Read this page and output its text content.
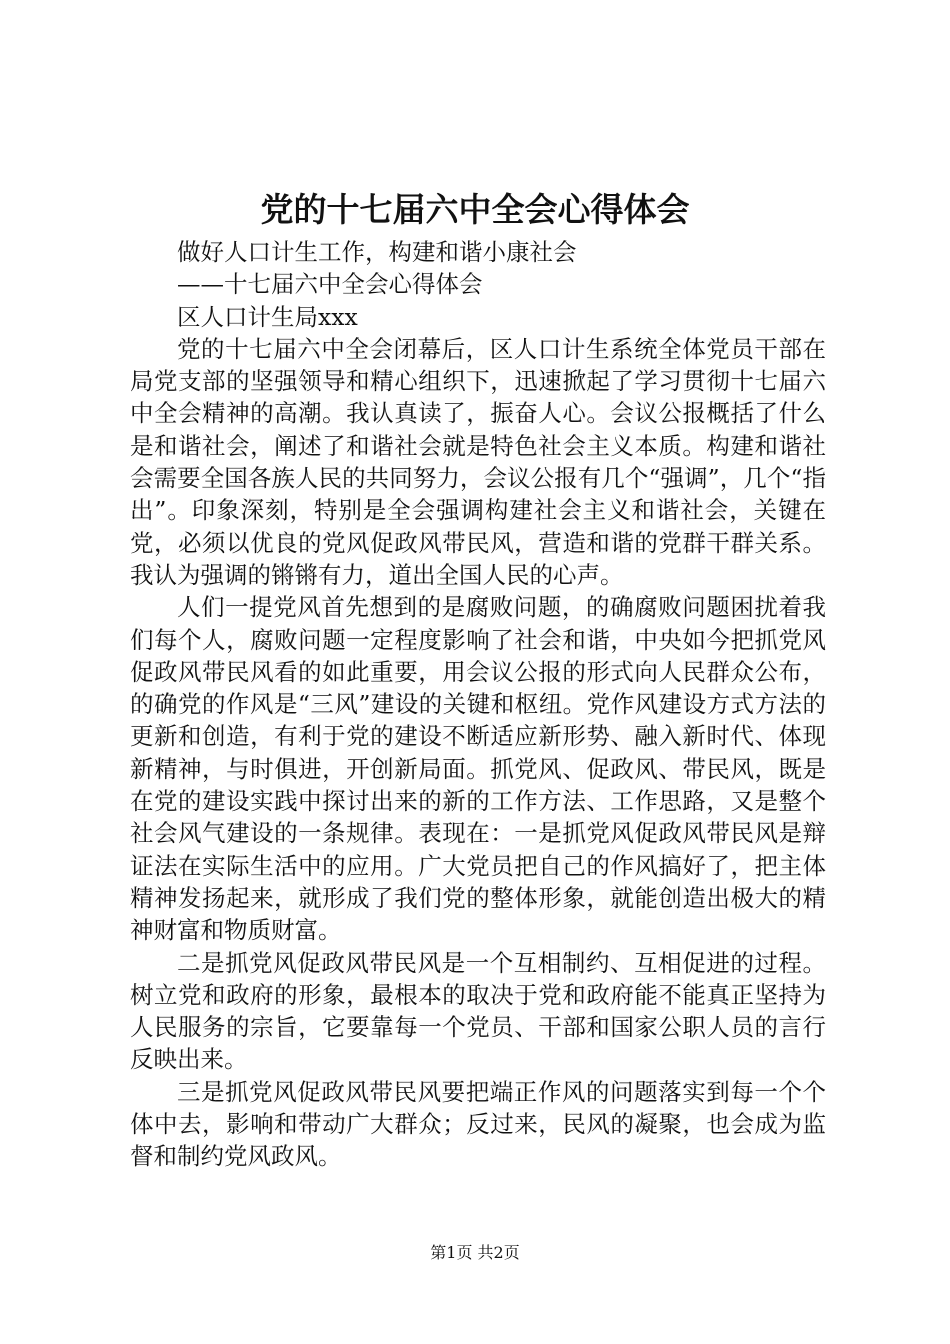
党的十七届六中全会心得体会

做好人口计生工作，构建和谐小康社会

——十七届六中全会心得体会

区人口计生局xxx

党的十七届六中全会闭幕后，区人口计生系统全体党员干部在局党支部的坚强领导和精心组织下，迅速掀起了学习贯彻十七届六中全会精神的高潮。我认真读了，振奋人心。会议公报概括了什么是和谐社会，阐述了和谐社会就是特色社会主义本质。构建和谐社会需要全国各族人民的共同努力，会议公报有几个“强调”，几个“指出”。印象深刻，特别是全会强调构建社会主义和谐社会，关键在党，必须以优良的党风促政风带民风，营造和谐的党群干群关系。我认为强调的锵锵有力，道出全国人民的心声。

人们一提党风首先想到的是腐败问题，的确腐败问题困扰着我们每个人，腐败问题一定程度影响了社会和谐，中央如今把抓党风促政风带民风看的如此重要，用会议公报的形式向人民群众公布，的确党的作风是“三风”建设的关键和枢纽。党作风建设方式方法的更新和创造，有利于党的建设不断适应新形势、融入新时代、体现新精神，与时俱进，开创新局面。抓党风、促政风、带民风，既是在党的建设实践中探讨出来的新的工作方法、工作思路，又是整个社会风气建设的一条规律。表现在：一是抓党风促政风带民风是辩证法在实际生活中的应用。广大党员把自己的作风搞好了，把主体精神发扬起来，就形成了我们党的整体形象，就能创造出极大的精神财富和物质财富。

二是抓党风促政风带民风是一个互相制约、互相促进的过程。树立党和政府的形象，最根本的取决于党和政府能不能真正坚持为人民服务的宗旨，它要靠每一个党员、干部和国家公职人员的言行反映出来。

三是抓党风促政风带民风要把端正作风的问题落实到每一个个体中去，影响和带动广大群众；反过来，民风的凝聚，也会成为监督和制约党风政风。

第1页 共2页
